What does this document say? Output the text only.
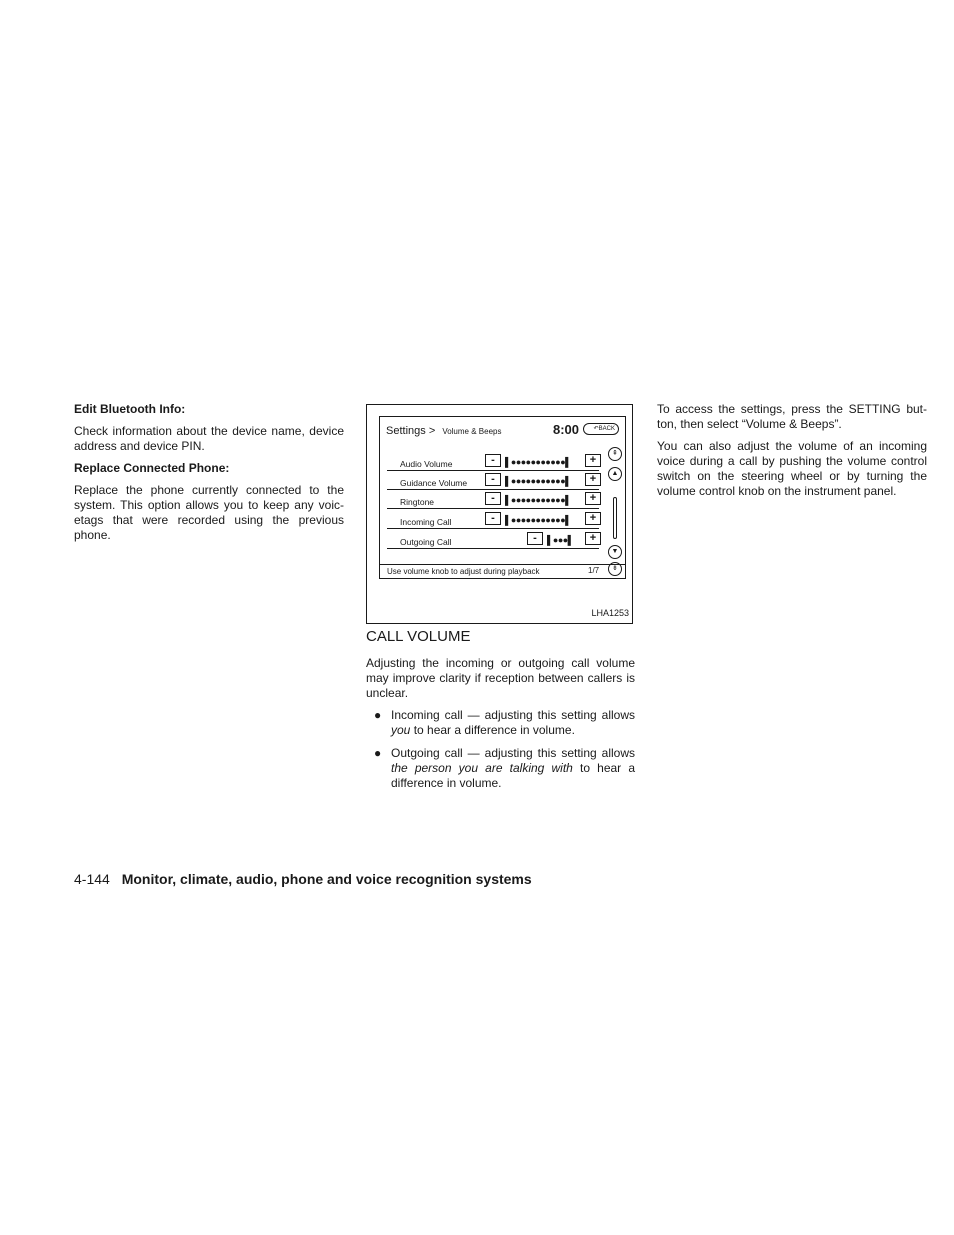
Edit Bluetooth Info:

Check information about the device name, device address and device PIN.

Replace Connected Phone:

Replace the phone currently connected to the system. This option allows you to keep any voic-etags that were recorded using the previous phone.

Settings > Volume & Beeps	8:00	↶BACK
Audio Volume	-	▌●●●●●●●●●●●▌	+
Guidance Volume	-	▌●●●●●●●●●●●▌	+
Ringtone	-	▌●●●●●●●●●●●▌	+
Incoming Call	-	▌●●●●●●●●●●●▌	+
Outgoing Call	-	▌●●●▌	+
1/7
⇞
▲
▼
⇟
Use volume knob to adjust during playback
LHA1253
CALL VOLUME

Adjusting the incoming or outgoing call volume may improve clarity if reception between callers is unclear.

● Incoming call — adjusting this setting allows you to hear a difference in volume.
● Outgoing call — adjusting this setting allows the person you are talking with to hear a difference in volume.

To access the settings, press the SETTING but-ton, then select “Volume & Beeps”.

You can also adjust the volume of an incoming voice during a call by pushing the volume control switch on the steering wheel or by turning the volume control knob on the instrument panel.

4-144 Monitor, climate, audio, phone and voice recognition systems
